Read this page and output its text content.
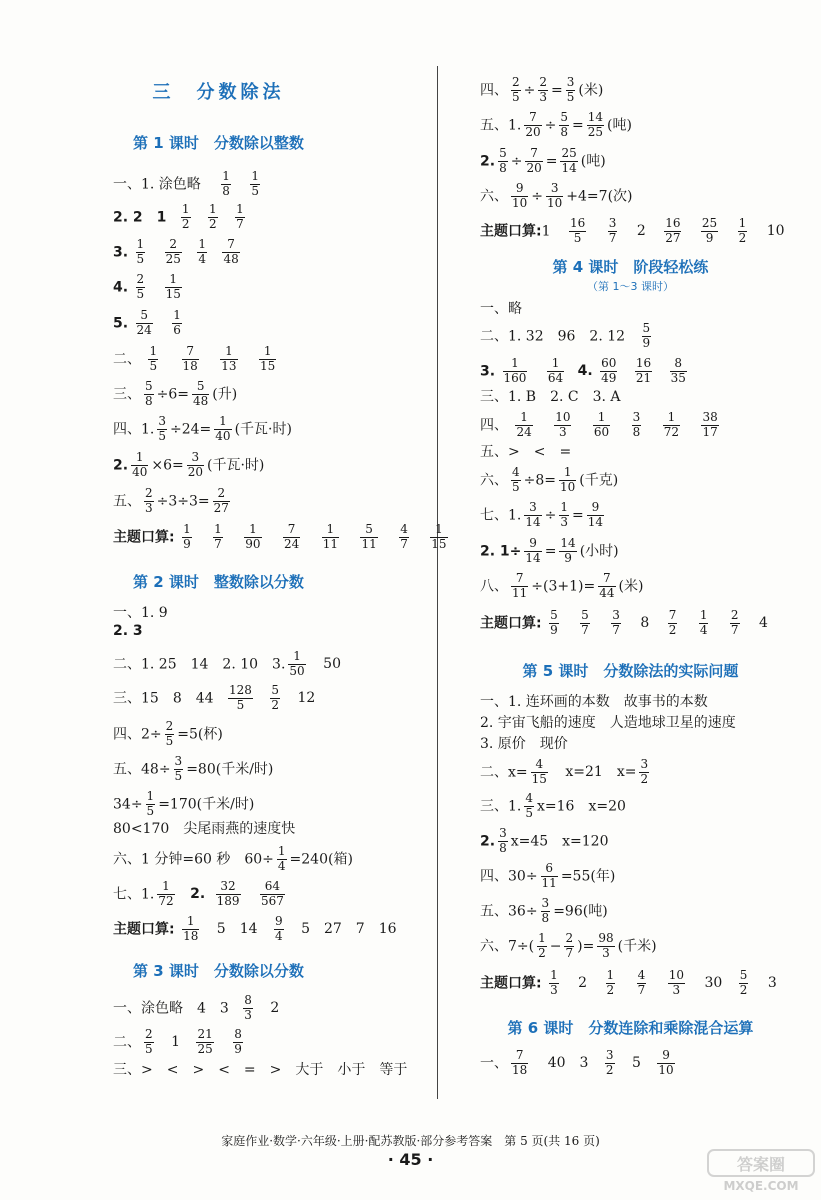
三　分数除法
第 1 课时　分数除以整数
一、1. 涂色略 $\frac{1}{8}$
$\frac{1}{5}$
2. 2　$1 \frac{1}{2}$
$\frac{1}{2}$
$\frac{1}{7}$
3. $\frac{1}{5}$
$\frac{2}{25}$
$\frac{1}{4}$
$\frac{7}{48}$
4. $\frac{2}{5}$
$\frac{1}{15}$
5. $\frac{5}{24}$
$\frac{1}{6}$
二、 $\frac{1}{5}$
$\frac{7}{18}$
$\frac{1}{13}$
$\frac{1}{15}$
三、 $\frac{5}{8} \div 6= \frac{5}{48}$ (升)
四、1. $\frac{3}{5} \div 24= \frac{1}{40}$ (千瓦·时)
2. $\frac{1}{40} \times 6= \frac{3}{20}$ (千瓦·时)
五、 $\frac{2}{3} \div 3\div 3= \frac{2}{27}$
主题口算: $\frac{1}{9}$
$\frac{1}{7}$
$\frac{1}{90}$
$\frac{7}{24}$
$\frac{1}{11}$
$\frac{5}{11}$
$\frac{4}{7}$
$\frac{1}{15}$
第 2 课时　整数除以分数
一、1. 9
2. 3
二、1. 25　14　2. 10　3. $\frac{1}{50} 50$
三、15　8　$44 \frac{128}{5}$
$\frac{5}{2} 12$
四、$2\div \frac{2}{5} =5$(杯)
五、$48\div \frac{3}{5} =80$(千米/时)
$34\div \frac{1}{5} =170$(千米/时)
80<170　尖尾雨燕的速度快
六、1 分钟=60 秒　$60\div \frac{1}{4} =240$(箱)
七、1. $\frac{1}{72} 2$. $\frac{32}{189}$
$\frac{64}{567}$
主题口算: $\frac{1}{18} 5$　$14 \frac{9}{4} 5$　27　7　16
第 3 课时　分数除以分数
一、涂色略　4　$3 \frac{8}{3} 2$
二、 $\frac{2}{5} 1 \frac{21}{25}$
$\frac{8}{9}$
三、>　<　>　<　=　>　大于　小于　等于
四、 $\frac{2}{5} \div \frac{2}{3} = \frac{3}{5}$ (米)
五、1. $\frac{7}{20} \div \frac{5}{8} = \frac{14}{25}$ (吨)
2. $\frac{5}{8} \div \frac{7}{20} = \frac{25}{14}$ (吨)
六、 $\frac{9}{10} \div \frac{3}{10} +4=7$(次)
主题口算:1 $\frac{16}{5}$
$\frac{3}{7} 2 \frac{16}{27}$
$\frac{25}{9}$
$\frac{1}{2} 10$
第 4 课时　阶段轻松练
（第 1～3 课时）
一、略
二、1. 32　96　2. $12 \frac{5}{9}$
3. $\frac{1}{160}$
$\frac{1}{64} 4$. $\frac{60}{49}$
$\frac{16}{21}$
$\frac{8}{35}$
三、1. B　2. C　3. A
四、 $\frac{1}{24}$
$\frac{10}{3}$
$\frac{1}{60}$
$\frac{3}{8}$
$\frac{1}{72}$
$\frac{38}{17}$
五、>　<　=
六、 $\frac{4}{5} \div 8= \frac{1}{10}$ (千克)
七、1. $\frac{3}{14} \div \frac{1}{3} = \frac{9}{14}$
2. $1\div \frac{9}{14} = \frac{14}{9}$ (小时)
八、 $\frac{7}{11} \div(3+1)= \frac{7}{44}$ (米)
主题口算: $\frac{5}{9}$
$\frac{5}{7}$
$\frac{3}{7} 8 \frac{7}{2}$
$\frac{1}{4}$
$\frac{2}{7} 4$
第 5 课时　分数除法的实际问题
一、1. 连环画的本数　故事书的本数
2. 宇宙飞船的速度　人造地球卫星的速度
3. 原价　现价
二、$x= \frac{4}{15} x=21$　$x= \frac{3}{2}$
三、1. $\frac{4}{5} x=16$　x=20
2. $\frac{3}{8} x=45$　x=120
四、$30\div \frac{6}{11} =55$(年)
五、$36\div \frac{3}{8} =96$(吨)
六、$7\div( \frac{1}{2} - \frac{2}{7}$ )= $\frac{98}{3}$ (千米)
主题口算: $\frac{1}{3} 2 \frac{1}{2}$
$\frac{4}{7}$
$\frac{10}{3} 30 \frac{5}{2} 3$
第 6 课时　分数连除和乘除混合运算
一、 $\frac{7}{18} 40$　$3 \frac{3}{2} 5 \frac{9}{10}$
家庭作业·数学·六年级·上册·配苏教版·部分参考答案　第 5 页(共 16 页)
· 45 ·	答案圈
MXQE.COM
